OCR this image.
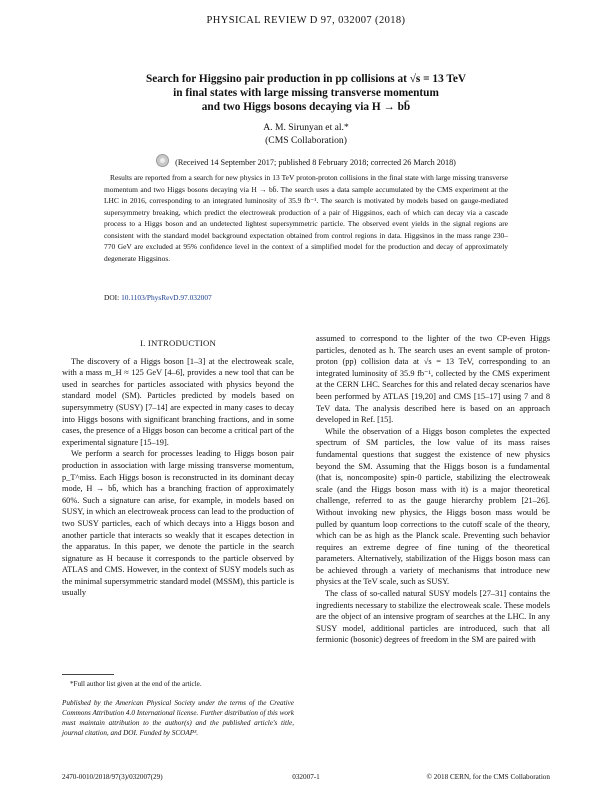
PHYSICAL REVIEW D 97, 032007 (2018)
Search for Higgsino pair production in pp collisions at √s = 13 TeV
in final states with large missing transverse momentum
and two Higgs bosons decaying via H → bb̄
A. M. Sirunyan et al.*
(CMS Collaboration)
(Received 14 September 2017; published 8 February 2018; corrected 26 March 2018)
Results are reported from a search for new physics in 13 TeV proton-proton collisions in the final state with large missing transverse momentum and two Higgs bosons decaying via H → bb̄. The search uses a data sample accumulated by the CMS experiment at the LHC in 2016, corresponding to an integrated luminosity of 35.9 fb⁻¹. The search is motivated by models based on gauge-mediated supersymmetry breaking, which predict the electroweak production of a pair of Higgsinos, each of which can decay via a cascade process to a Higgs boson and an undetected lightest supersymmetric particle. The observed event yields in the signal regions are consistent with the standard model background expectation obtained from control regions in data. Higgsinos in the mass range 230–770 GeV are excluded at 95% confidence level in the context of a simplified model for the production and decay of approximately degenerate Higgsinos.
DOI: 10.1103/PhysRevD.97.032007
I. INTRODUCTION

The discovery of a Higgs boson [1–3] at the electroweak scale, with a mass m_H ≈ 125 GeV [4–6], provides a new tool that can be used in searches for particles associated with physics beyond the standard model (SM). Particles predicted by models based on supersymmetry (SUSY) [7–14] are expected in many cases to decay into Higgs bosons with significant branching fractions, and in some cases, the presence of a Higgs boson can become a critical part of the experimental signature [15–19].

We perform a search for processes leading to Higgs boson pair production in association with large missing transverse momentum, p_T^miss. Each Higgs boson is reconstructed in its dominant decay mode, H → bb̄, which has a branching fraction of approximately 60%. Such a signature can arise, for example, in models based on SUSY, in which an electroweak process can lead to the production of two SUSY particles, each of which decays into a Higgs boson and another particle that interacts so weakly that it escapes detection in the apparatus. In this paper, we denote the particle in the search signature as H because it corresponds to the particle observed by ATLAS and CMS. However, in the context of SUSY models such as the minimal supersymmetric standard model (MSSM), this particle is usually

*Full author list given at the end of the article.
Published by the American Physical Society under the terms of the Creative Commons Attribution 4.0 International license. Further distribution of this work must maintain attribution to the author(s) and the published article's title, journal citation, and DOI. Funded by SCOAP³.

assumed to correspond to the lighter of the two CP-even Higgs particles, denoted as h. The search uses an event sample of proton-proton (pp) collision data at √s = 13 TeV, corresponding to an integrated luminosity of 35.9 fb⁻¹, collected by the CMS experiment at the CERN LHC. Searches for this and related decay scenarios have been performed by ATLAS [19,20] and CMS [15–17] using 7 and 8 TeV data. The analysis described here is based on an approach developed in Ref. [15].

While the observation of a Higgs boson completes the expected spectrum of SM particles, the low value of its mass raises fundamental questions that suggest the existence of new physics beyond the SM. Assuming that the Higgs boson is a fundamental (that is, noncomposite) spin-0 particle, stabilizing the electroweak scale (and the Higgs boson mass with it) is a major theoretical challenge, referred to as the gauge hierarchy problem [21–26]. Without invoking new physics, the Higgs boson mass would be pulled by quantum loop corrections to the cutoff scale of the theory, which can be as high as the Planck scale. Preventing such behavior requires an extreme degree of fine tuning of the theoretical parameters. Alternatively, stabilization of the Higgs boson mass can be achieved through a variety of mechanisms that introduce new physics at the TeV scale, such as SUSY.

The class of so-called natural SUSY models [27–31] contains the ingredients necessary to stabilize the electroweak scale. These models are the object of an intensive program of searches at the LHC. In any SUSY model, additional particles are introduced, such that all fermionic (bosonic) degrees of freedom in the SM are paired with

2470-0010/2018/97(3)/032007(29)	032007-1	© 2018 CERN, for the CMS Collaboration
